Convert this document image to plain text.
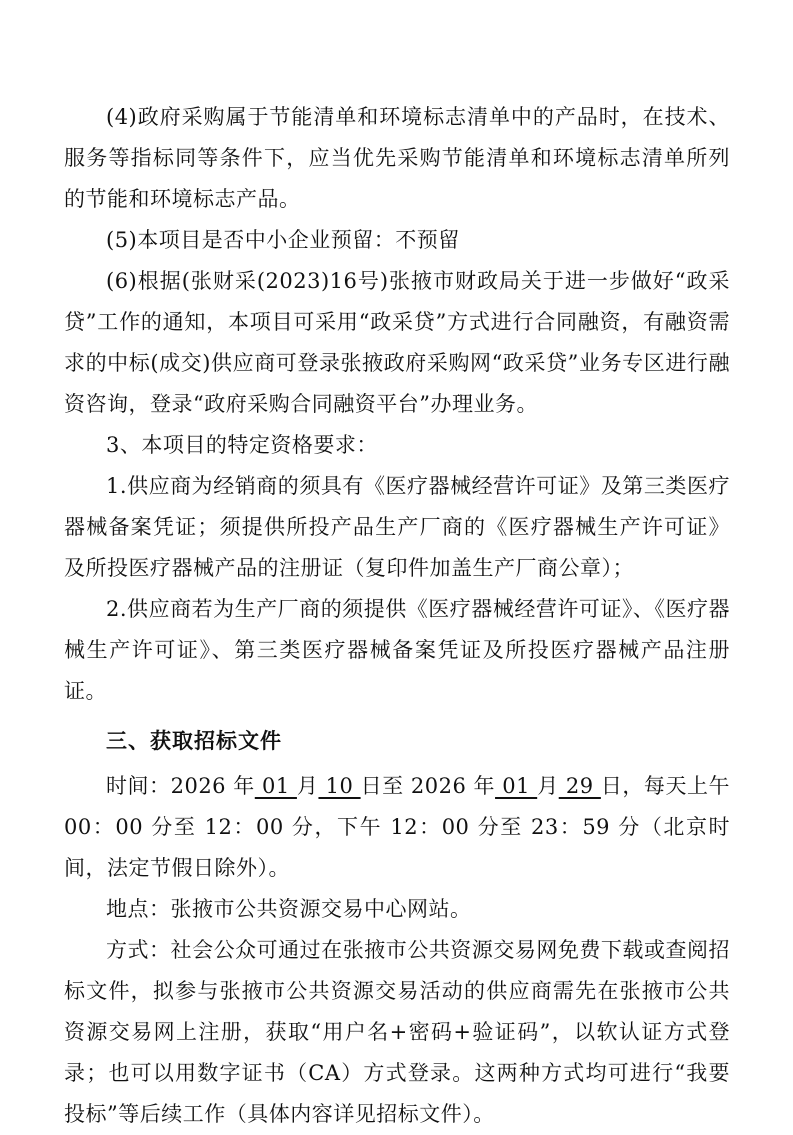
(4)政府采购属于节能清单和环境标志清单中的产品时，在技术、服务等指标同等条件下，应当优先采购节能清单和环境标志清单所列的节能和环境标志产品。

(5)本项目是否中小企业预留：不预留

(6)根据(张财采(2023)16号)张掖市财政局关于进一步做好“政采贷”工作的通知，本项目可采用“政采贷”方式进行合同融资，有融资需求的中标(成交)供应商可登录张掖政府采购网“政采贷”业务专区进行融资咨询，登录“政府采购合同融资平台”办理业务。

3、本项目的特定资格要求：

1.供应商为经销商的须具有《医疗器械经营许可证》及第三类医疗器械备案凭证；须提供所投产品生产厂商的《医疗器械生产许可证》及所投医疗器械产品的注册证（复印件加盖生产厂商公章）；

2.供应商若为生产厂商的须提供《医疗器械经营许可证》、《医疗器械生产许可证》、第三类医疗器械备案凭证及所投医疗器械产品注册证。

三、获取招标文件

时间：2026 年 01 月 10 日至 2026 年 01 月 29 日，每天上午 00：00 分至 12：00 分，下午 12：00 分至 23：59 分（北京时间，法定节假日除外）。

地点：张掖市公共资源交易中心网站。

方式：社会公众可通过在张掖市公共资源交易网免费下载或查阅招标文件，拟参与张掖市公共资源交易活动的供应商需先在张掖市公共资源交易网上注册，获取“用户名+密码+验证码”，以软认证方式登录；也可以用数字证书（CA）方式登录。这两种方式均可进行“我要投标”等后续工作（具体内容详见招标文件）。
